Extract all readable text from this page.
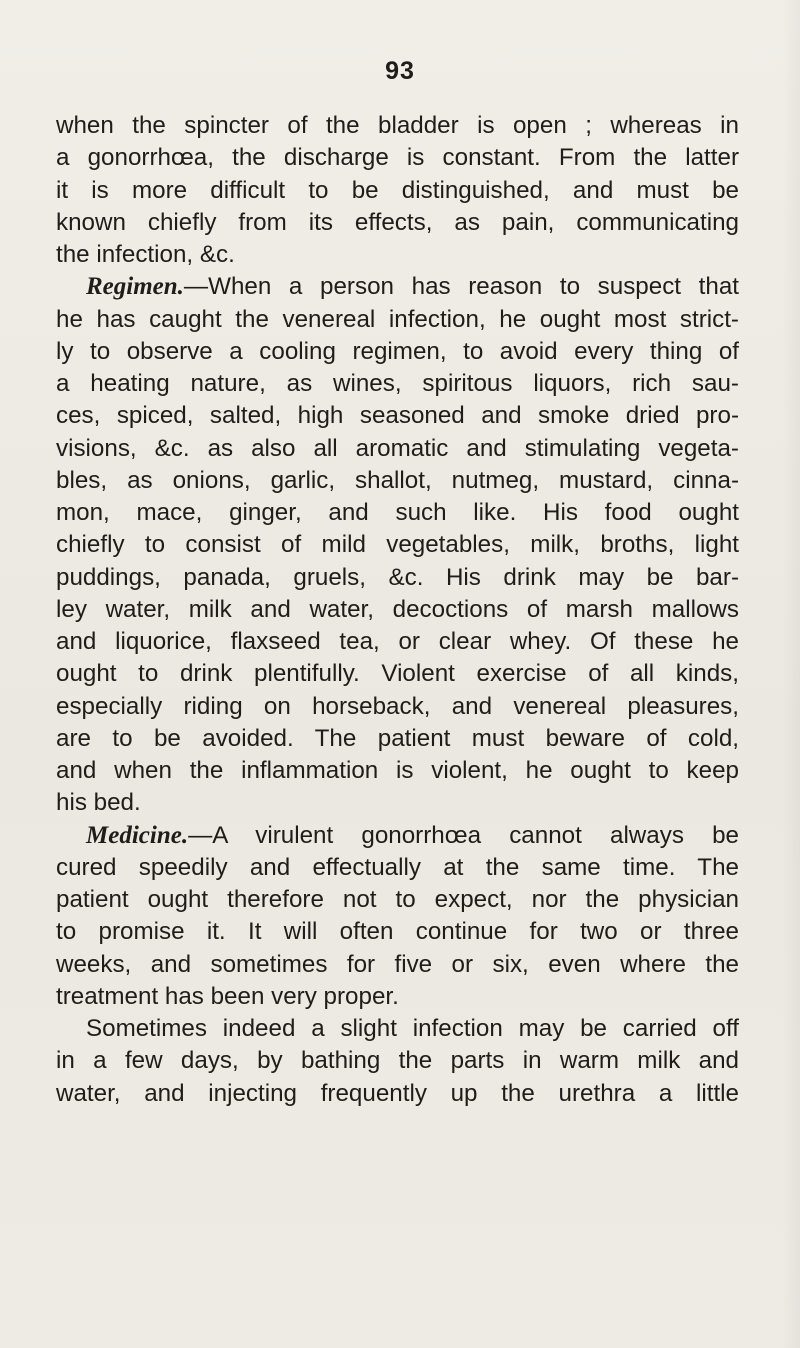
93
when the spincter of the bladder is open ; whereas in
a gonorrhœa, the discharge is constant. From the latter
it is more difficult to be distinguished, and must be
known chiefly from its effects, as pain, communicating
the infection, &c.
Regimen.—When a person has reason to suspect that
he has caught the venereal infection, he ought most strict-
ly to observe a cooling regimen, to avoid every thing of
a heating nature, as wines, spiritous liquors, rich sau-
ces, spiced, salted, high seasoned and smoke dried pro-
visions, &c. as also all aromatic and stimulating vegeta-
bles, as onions, garlic, shallot, nutmeg, mustard, cinna-
mon, mace, ginger, and such like. His food ought
chiefly to consist of mild vegetables, milk, broths, light
puddings, panada, gruels, &c. His drink may be bar-
ley water, milk and water, decoctions of marsh mallows
and liquorice, flaxseed tea, or clear whey. Of these he
ought to drink plentifully. Violent exercise of all kinds,
especially riding on horseback, and venereal pleasures,
are to be avoided. The patient must beware of cold,
and when the inflammation is violent, he ought to keep
his bed.
Medicine.—A virulent gonorrhœa cannot always be
cured speedily and effectually at the same time. The
patient ought therefore not to expect, nor the physician
to promise it. It will often continue for two or three
weeks, and sometimes for five or six, even where the
treatment has been very proper.
Sometimes indeed a slight infection may be carried off
in a few days, by bathing the parts in warm milk and
water, and injecting frequently up the urethra a little
